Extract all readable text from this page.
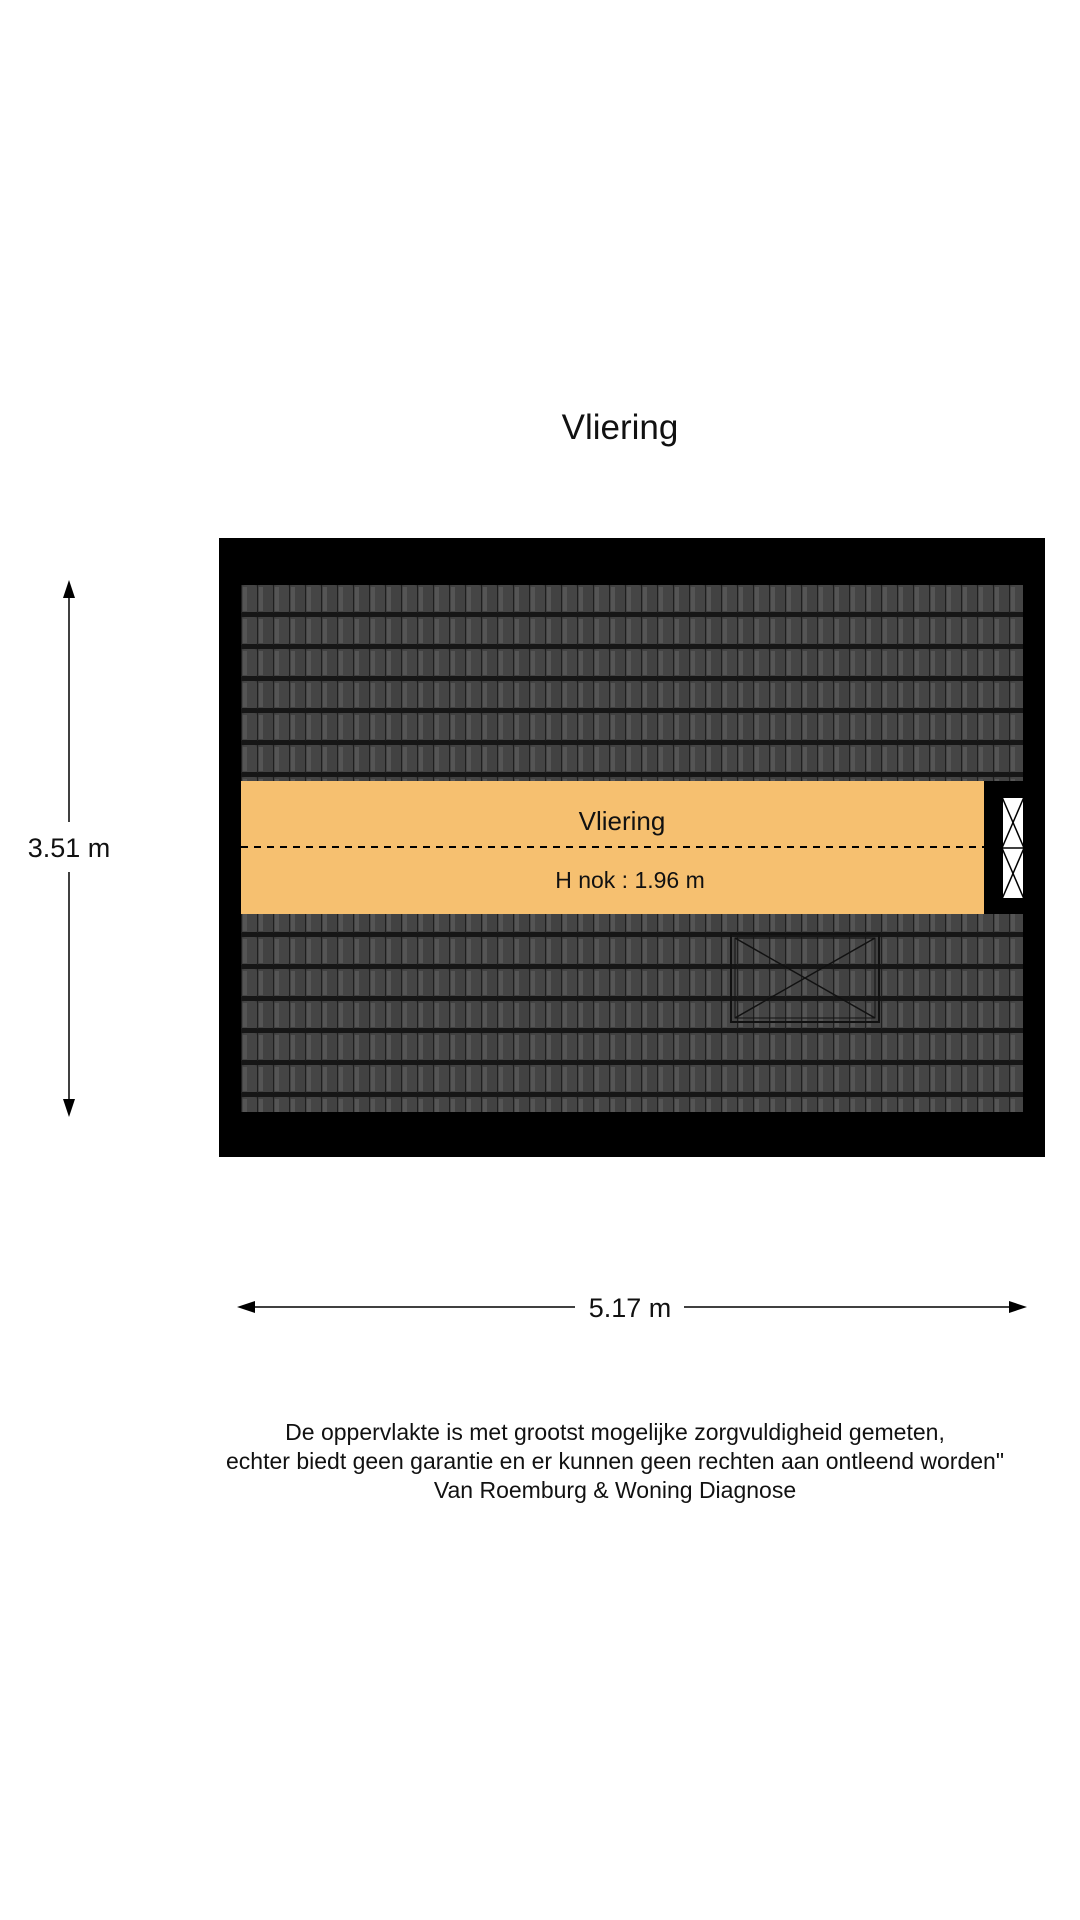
Vliering
Vliering
H nok : 1.96 m
3.51 m
5.17 m
De oppervlakte is met grootst mogelijke zorgvuldigheid gemeten,
echter biedt geen garantie en er kunnen geen rechten aan ontleend worden"
Van Roemburg & Woning Diagnose
